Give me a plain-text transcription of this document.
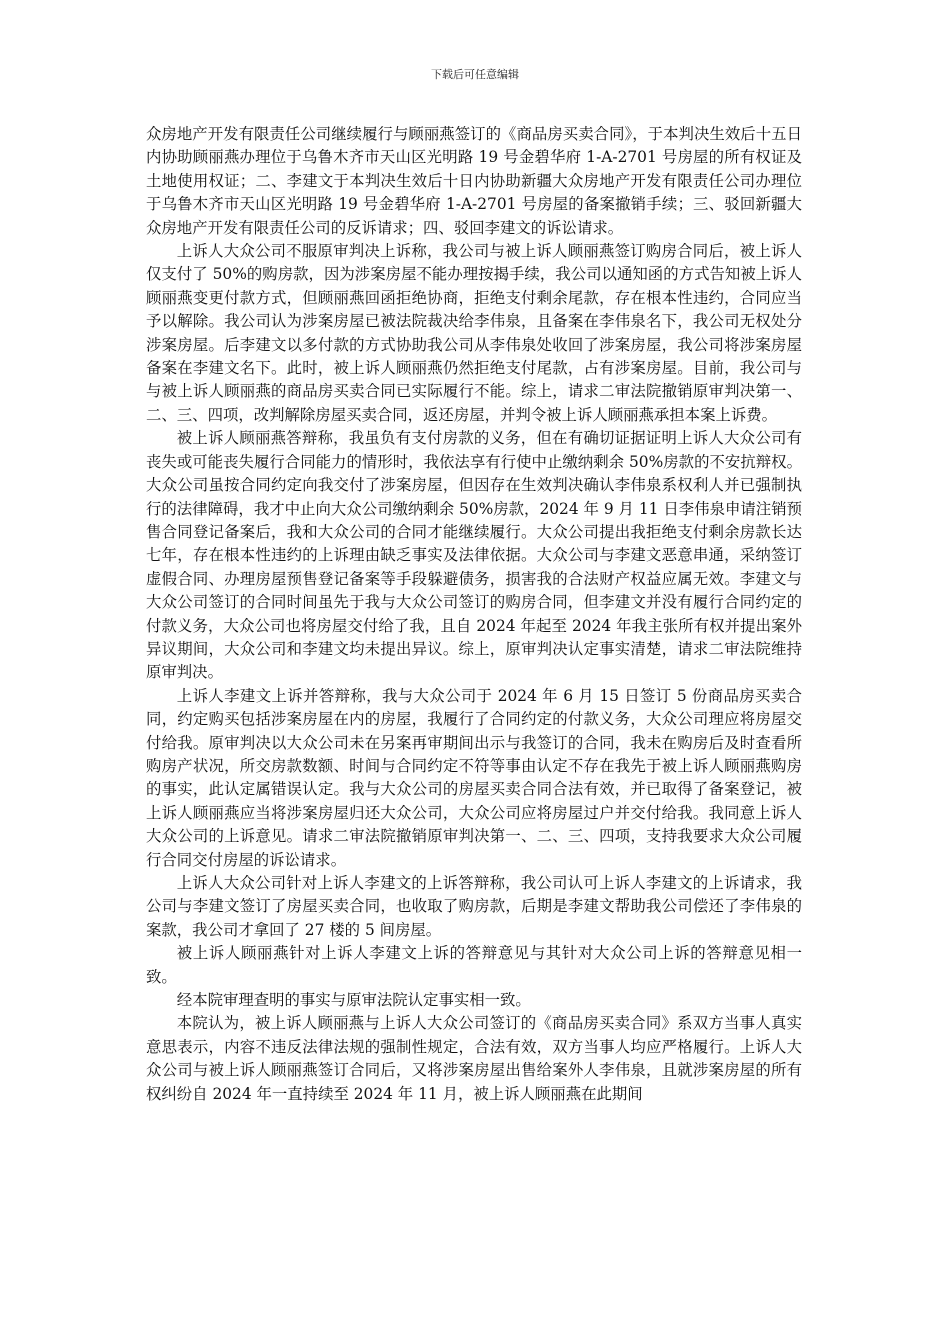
下载后可任意编辑

众房地产开发有限责任公司继续履行与顾丽燕签订的《商品房买卖合同》，于本判决生效后十五日内协助顾丽燕办理位于乌鲁木齐市天山区光明路 19 号金碧华府 1-A-2701 号房屋的所有权证及土地使用权证；二、李建文于本判决生效后十日内协助新疆大众房地产开发有限责任公司办理位于乌鲁木齐市天山区光明路 19 号金碧华府 1-A-2701 号房屋的备案撤销手续；三、驳回新疆大众房地产开发有限责任公司的反诉请求；四、驳回李建文的诉讼请求。

上诉人大众公司不服原审判决上诉称，我公司与被上诉人顾丽燕签订购房合同后，被上诉人仅支付了 50%的购房款，因为涉案房屋不能办理按揭手续，我公司以通知函的方式告知被上诉人顾丽燕变更付款方式，但顾丽燕回函拒绝协商，拒绝支付剩余尾款，存在根本性违约，合同应当予以解除。我公司认为涉案房屋已被法院裁决给李伟泉，且备案在李伟泉名下，我公司无权处分涉案房屋。后李建文以多付款的方式协助我公司从李伟泉处收回了涉案房屋，我公司将涉案房屋备案在李建文名下。此时，被上诉人顾丽燕仍然拒绝支付尾款，占有涉案房屋。目前，我公司与与被上诉人顾丽燕的商品房买卖合同已实际履行不能。综上，请求二审法院撤销原审判决第一、二、三、四项，改判解除房屋买卖合同，返还房屋，并判令被上诉人顾丽燕承担本案上诉费。

被上诉人顾丽燕答辩称，我虽负有支付房款的义务，但在有确切证据证明上诉人大众公司有丧失或可能丧失履行合同能力的情形时，我依法享有行使中止缴纳剩余 50%房款的不安抗辩权。大众公司虽按合同约定向我交付了涉案房屋，但因存在生效判决确认李伟泉系权利人并已强制执行的法律障碍，我才中止向大众公司缴纳剩余 50%房款，2024 年 9 月 11 日李伟泉申请注销预售合同登记备案后，我和大众公司的合同才能继续履行。大众公司提出我拒绝支付剩余房款长达七年，存在根本性违约的上诉理由缺乏事实及法律依据。大众公司与李建文恶意串通，采纳签订虚假合同、办理房屋预售登记备案等手段躲避债务，损害我的合法财产权益应属无效。李建文与大众公司签订的合同时间虽先于我与大众公司签订的购房合同，但李建文并没有履行合同约定的付款义务，大众公司也将房屋交付给了我，且自 2024 年起至 2024 年我主张所有权并提出案外异议期间，大众公司和李建文均未提出异议。综上，原审判决认定事实清楚，请求二审法院维持原审判决。

上诉人李建文上诉并答辩称，我与大众公司于 2024 年 6 月 15 日签订 5 份商品房买卖合同，约定购买包括涉案房屋在内的房屋，我履行了合同约定的付款义务，大众公司理应将房屋交付给我。原审判决以大众公司未在另案再审期间出示与我签订的合同，我未在购房后及时查看所购房产状况，所交房款数额、时间与合同约定不符等事由认定不存在我先于被上诉人顾丽燕购房的事实，此认定属错误认定。我与大众公司的房屋买卖合同合法有效，并已取得了备案登记，被上诉人顾丽燕应当将涉案房屋归还大众公司，大众公司应将房屋过户并交付给我。我同意上诉人大众公司的上诉意见。请求二审法院撤销原审判决第一、二、三、四项，支持我要求大众公司履行合同交付房屋的诉讼请求。

上诉人大众公司针对上诉人李建文的上诉答辩称，我公司认可上诉人李建文的上诉请求，我公司与李建文签订了房屋买卖合同，也收取了购房款，后期是李建文帮助我公司偿还了李伟泉的案款，我公司才拿回了 27 楼的 5 间房屋。

被上诉人顾丽燕针对上诉人李建文上诉的答辩意见与其针对大众公司上诉的答辩意见相一致。

经本院审理查明的事实与原审法院认定事实相一致。

本院认为，被上诉人顾丽燕与上诉人大众公司签订的《商品房买卖合同》系双方当事人真实意思表示，内容不违反法律法规的强制性规定，合法有效，双方当事人均应严格履行。上诉人大众公司与被上诉人顾丽燕签订合同后，又将涉案房屋出售给案外人李伟泉，且就涉案房屋的所有权纠纷自 2024 年一直持续至 2024 年 11 月，被上诉人顾丽燕在此期间
